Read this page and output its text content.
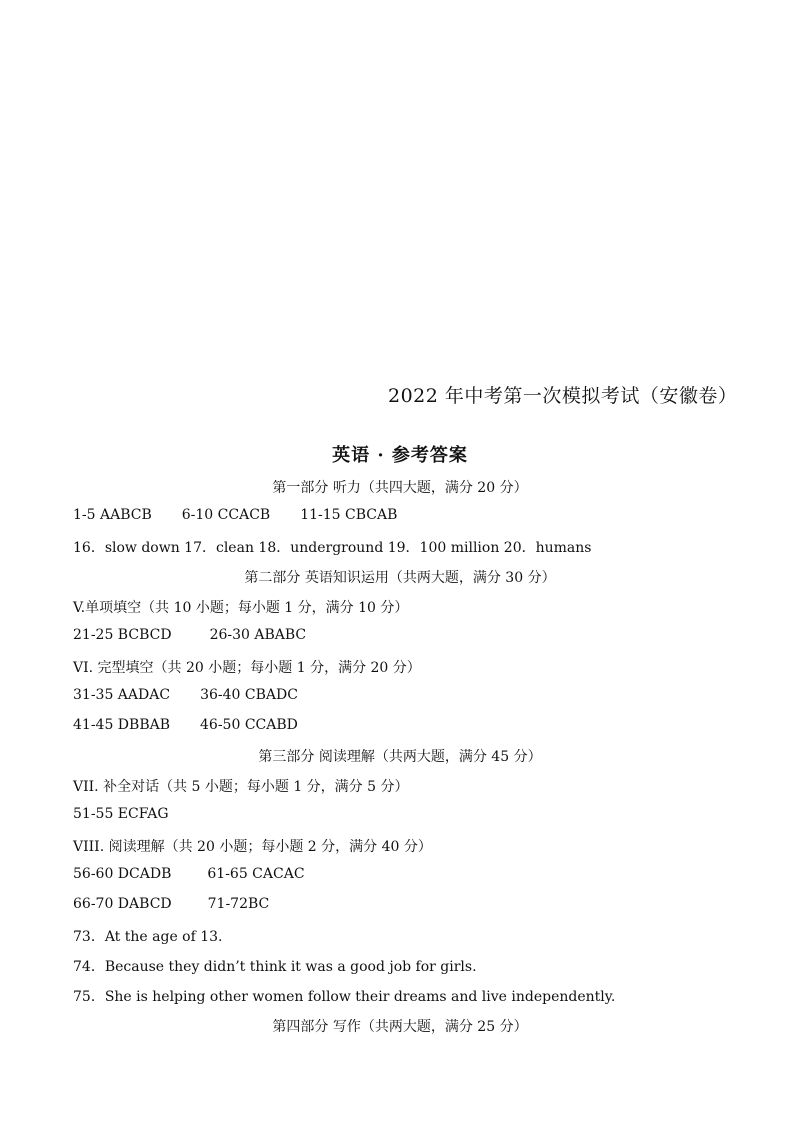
2022 年中考第一次模拟考试（安徽卷）
英语 · 参考答案
第一部分 听力（共四大题，满分 20 分）
1-5 AABCB 6-10 CCACB 11-15 CBCAB
16．slow down 17．clean 18．underground 19．100 million 20．humans
第二部分 英语知识运用（共两大题，满分 30 分）
V.单项填空（共 10 小题；每小题 1 分，满分 10 分）
21-25 BCBCD	26-30 ABABC
VI. 完型填空（共 20 小题；每小题 1 分，满分 20 分）
31-35 AADAC 36-40 CBADC
41-45 DBBAB 46-50 CCABD
第三部分 阅读理解（共两大题，满分 45 分）
VII. 补全对话（共 5 小题；每小题 1 分，满分 5 分）
51-55 ECFAG
VIII. 阅读理解（共 20 小题；每小题 2 分，满分 40 分）
56-60 DCADB	61-65 CACAC
66-70 DABCD	71-72BC
73．At the age of 13.
74．Because they didn’t think it was a good job for girls.
75．She is helping other women follow their dreams and live independently.
第四部分 写作（共两大题，满分 25 分）
